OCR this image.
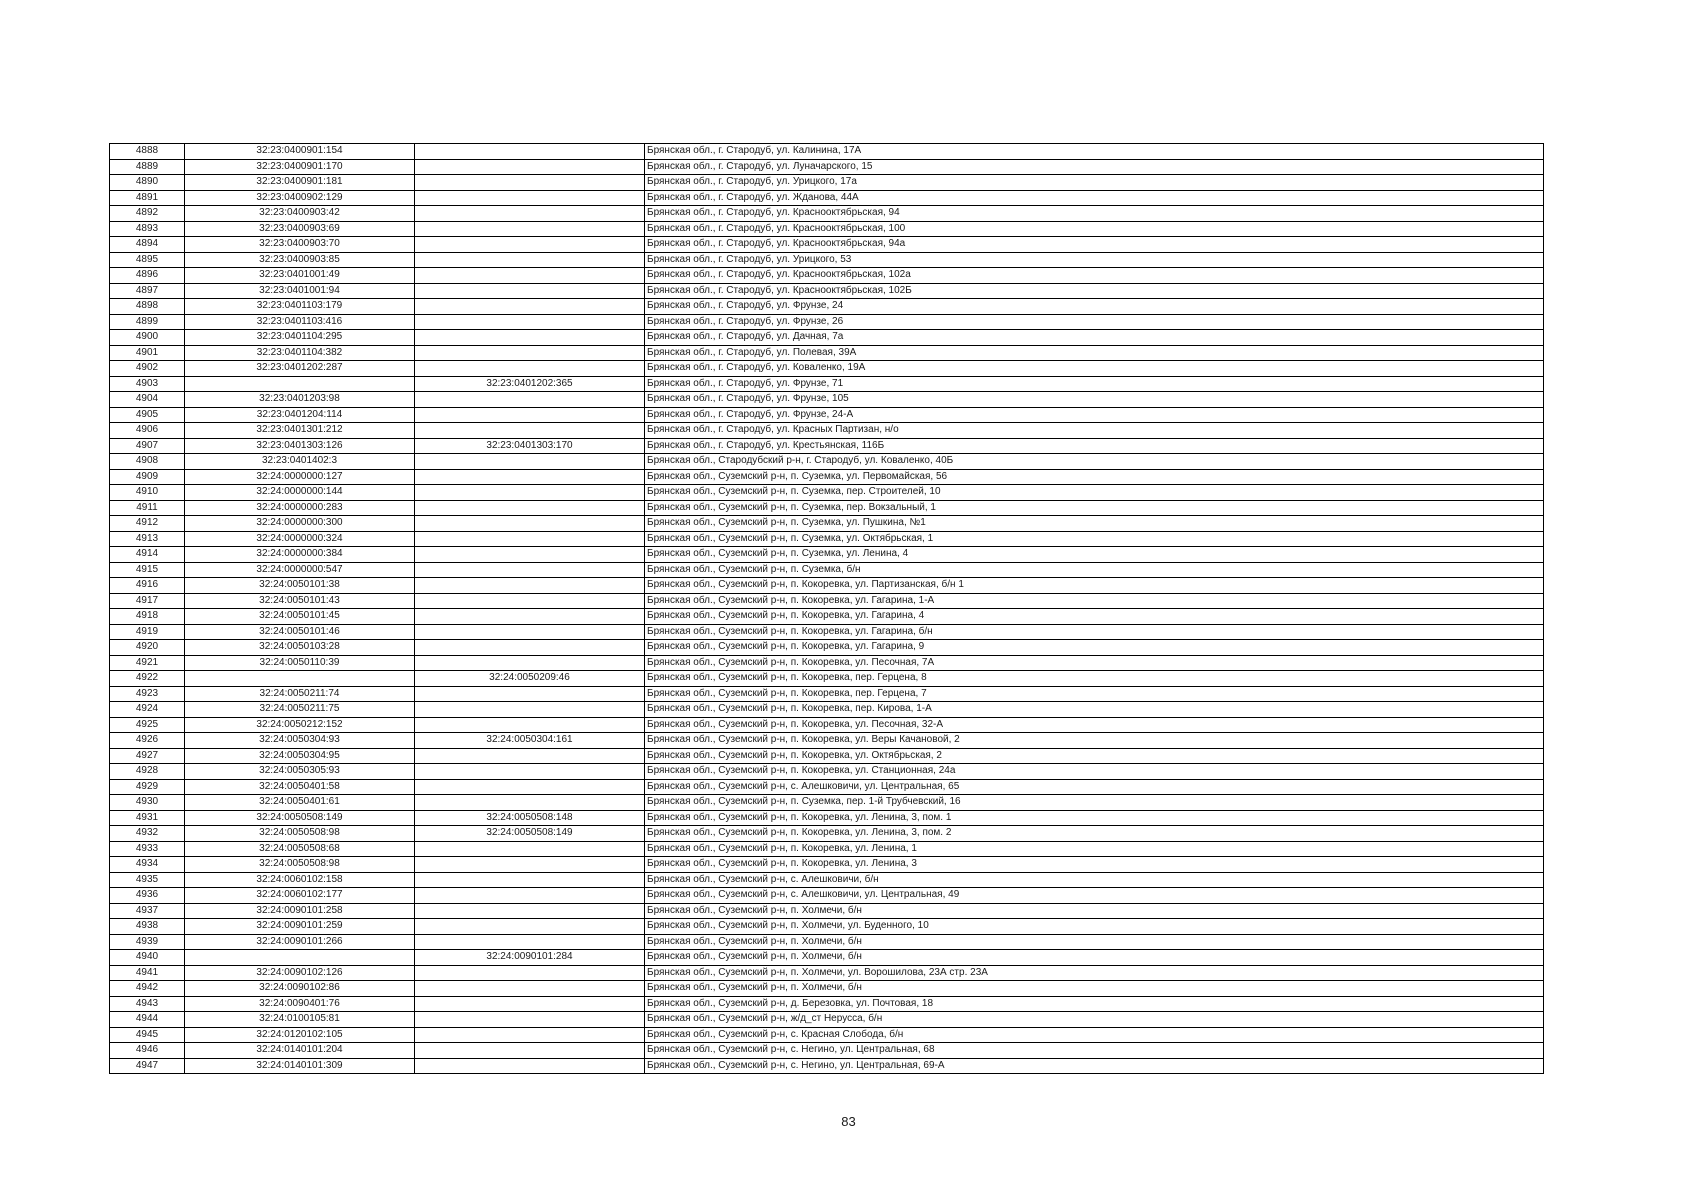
4888	32:23:0400901:154		Брянская обл., г. Стародуб, ул. Калинина, 17А
4889	32:23:0400901:170		Брянская обл., г. Стародуб, ул. Луначарского, 15
4890	32:23:0400901:181		Брянская обл., г. Стародуб, ул. Урицкого, 17а
4891	32:23:0400902:129		Брянская обл., г. Стародуб, ул. Жданова, 44А
4892	32:23:0400903:42		Брянская обл., г. Стародуб, ул. Краснооктябрьская, 94
4893	32:23:0400903:69		Брянская обл., г. Стародуб, ул. Краснооктябрьская, 100
4894	32:23:0400903:70		Брянская обл., г. Стародуб, ул. Краснооктябрьская, 94а
4895	32:23:0400903:85		Брянская обл., г. Стародуб, ул. Урицкого, 53
4896	32:23:0401001:49		Брянская обл., г. Стародуб, ул. Краснооктябрьская, 102а
4897	32:23:0401001:94		Брянская обл., г. Стародуб, ул. Краснооктябрьская, 102Б
4898	32:23:0401103:179		Брянская обл., г. Стародуб, ул. Фрунзе, 24
4899	32:23:0401103:416		Брянская обл., г. Стародуб, ул. Фрунзе, 26
4900	32:23:0401104:295		Брянская обл., г. Стародуб, ул. Дачная, 7а
4901	32:23:0401104:382		Брянская обл., г. Стародуб, ул. Полевая, 39А
4902	32:23:0401202:287		Брянская обл., г. Стародуб, ул. Коваленко, 19А
4903		32:23:0401202:365	Брянская обл., г. Стародуб, ул. Фрунзе, 71
4904	32:23:0401203:98		Брянская обл., г. Стародуб, ул. Фрунзе, 105
4905	32:23:0401204:114		Брянская обл., г. Стародуб, ул. Фрунзе, 24-А
4906	32:23:0401301:212		Брянская обл., г. Стародуб, ул. Красных Партизан, н/о
4907	32:23:0401303:126	32:23:0401303:170	Брянская обл., г. Стародуб, ул. Крестьянская, 116Б
4908	32:23:0401402:3		Брянская обл., Стародубский р-н, г. Стародуб, ул. Коваленко, 40Б
4909	32:24:0000000:127		Брянская обл., Суземский р-н, п. Суземка, ул. Первомайская, 56
4910	32:24:0000000:144		Брянская обл., Суземский р-н, п. Суземка, пер. Строителей, 10
4911	32:24:0000000:283		Брянская обл., Суземский р-н, п. Суземка, пер. Вокзальный, 1
4912	32:24:0000000:300		Брянская обл., Суземский р-н, п. Суземка, ул. Пушкина, №1
4913	32:24:0000000:324		Брянская обл., Суземский р-н, п. Суземка, ул. Октябрьская, 1
4914	32:24:0000000:384		Брянская обл., Суземский р-н, п. Суземка, ул. Ленина, 4
4915	32:24:0000000:547		Брянская обл., Суземский р-н, п. Суземка, б/н
4916	32:24:0050101:38		Брянская обл., Суземский р-н, п. Кокоревка, ул. Партизанская, б/н 1
4917	32:24:0050101:43		Брянская обл., Суземский р-н, п. Кокоревка, ул. Гагарина, 1-А
4918	32:24:0050101:45		Брянская обл., Суземский р-н, п. Кокоревка, ул. Гагарина, 4
4919	32:24:0050101:46		Брянская обл., Суземский р-н, п. Кокоревка, ул. Гагарина, б/н
4920	32:24:0050103:28		Брянская обл., Суземский р-н, п. Кокоревка, ул. Гагарина, 9
4921	32:24:0050110:39		Брянская обл., Суземский р-н, п. Кокоревка, ул. Песочная, 7А
4922		32:24:0050209:46	Брянская обл., Суземский р-н, п. Кокоревка, пер. Герцена, 8
4923	32:24:0050211:74		Брянская обл., Суземский р-н, п. Кокоревка, пер. Герцена, 7
4924	32:24:0050211:75		Брянская обл., Суземский р-н, п. Кокоревка, пер. Кирова, 1-А
4925	32:24:0050212:152		Брянская обл., Суземский р-н, п. Кокоревка, ул. Песочная, 32-А
4926	32:24:0050304:93	32:24:0050304:161	Брянская обл., Суземский р-н, п. Кокоревка, ул. Веры Качановой, 2
4927	32:24:0050304:95		Брянская обл., Суземский р-н, п. Кокоревка, ул. Октябрьская, 2
4928	32:24:0050305:93		Брянская обл., Суземский р-н, п. Кокоревка, ул. Станционная, 24а
4929	32:24:0050401:58		Брянская обл., Суземский р-н, с. Алешковичи, ул. Центральная, 65
4930	32:24:0050401:61		Брянская обл., Суземский р-н, п. Суземка, пер. 1-й Трубчевский, 16
4931	32:24:0050508:149	32:24:0050508:148	Брянская обл., Суземский р-н, п. Кокоревка, ул. Ленина, 3, пом. 1
4932	32:24:0050508:98	32:24:0050508:149	Брянская обл., Суземский р-н, п. Кокоревка, ул. Ленина, 3, пом. 2
4933	32:24:0050508:68		Брянская обл., Суземский р-н, п. Кокоревка, ул. Ленина, 1
4934	32:24:0050508:98		Брянская обл., Суземский р-н, п. Кокоревка, ул. Ленина, 3
4935	32:24:0060102:158		Брянская обл., Суземский р-н, с. Алешковичи, б/н
4936	32:24:0060102:177		Брянская обл., Суземский р-н, с. Алешковичи, ул. Центральная, 49
4937	32:24:0090101:258		Брянская обл., Суземский р-н, п. Холмечи, б/н
4938	32:24:0090101:259		Брянская обл., Суземский р-н, п. Холмечи, ул. Буденного, 10
4939	32:24:0090101:266		Брянская обл., Суземский р-н, п. Холмечи, б/н
4940		32:24:0090101:284	Брянская обл., Суземский р-н, п. Холмечи, б/н
4941	32:24:0090102:126		Брянская обл., Суземский р-н, п. Холмечи, ул. Ворошилова, 23А стр. 23А
4942	32:24:0090102:86		Брянская обл., Суземский р-н, п. Холмечи, б/н
4943	32:24:0090401:76		Брянская обл., Суземский р-н, д. Березовка, ул. Почтовая, 18
4944	32:24:0100105:81		Брянская обл., Суземский р-н, ж/д_ст Нерусса, б/н
4945	32:24:0120102:105		Брянская обл., Суземский р-н, с. Красная Слобода, б/н
4946	32:24:0140101:204		Брянская обл., Суземский р-н, с. Негино, ул. Центральная, 68
4947	32:24:0140101:309		Брянская обл., Суземский р-н, с. Негино, ул. Центральная, 69-А
83
